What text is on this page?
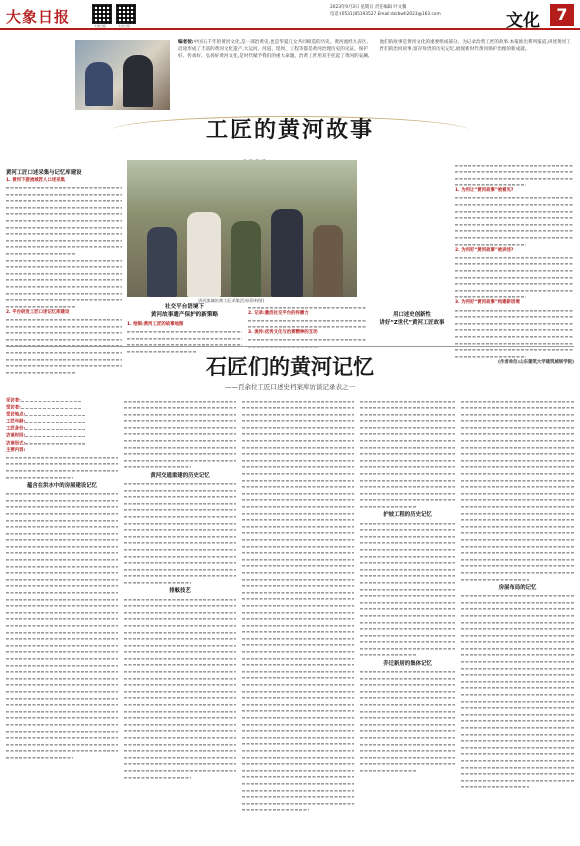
大象日报	大象日报	大众日报
2023年9月3日 星期日 责任编辑 叶文馨
电话:(0531)85193527 Email:dzrbwh2023@163.com	文化	7
编者按:中国五千年的黄河文化,是一部治黄史,也是华夏儿女共同缔造的历史。黄河流经九省区,沿途形成了丰富的黄河文化遗产,大运河、河道、堤坝、工程等都是黄河治理历史的见证。保护好、传承好、弘扬好黄河文化,是时代赋予我们的重大命题。治黄工匠用双手托起了黄河的安澜,他们的故事是黄河文化的重要组成部分。为记录治黄工匠的故事,本报推出系列报道,讲述黄河工匠们的治河故事,留存珍贵的历史记忆,展现新时代黄河保护治理的新成就。
工匠的黄河故事
黄河工匠口述采集与记忆库建设
1. 黄河下游流域匠人口述采集
2. 平台研发工匠口述记忆库建设
济河流域治黄工匠采集活动(资料图)
社交平台语境下
黄河故事遗产保护的新策略
1. 绘制:黄河工匠的故事地图
2. 记录:激活社交平台的传播力
3. 流传:优秀文化与治黄精神的互动
用口述史创新性
讲好“Z世代”黄河工匠故事
1. 为何让“黄河故事”被看见?
2. 为何好“黄河故事”被讲述?
3. 为何好“黄河故事”构建新语境
(作者单位:山东建筑大学建筑城规学院)
石匠们的黄河记忆
——百余位工匠口述史档案库访谈记录表之一
采访者:
受访者:
受访地点:
工匠年龄:
工匠身份:
访谈时间:
访谈形式:
主要内容:
蕴含在洪水中的房屋建设记忆
黄河交通重建的历史记忆
排舷技艺
护坡工程的历史记忆
乔迁新居的集体记忆
房屋布局的记忆
